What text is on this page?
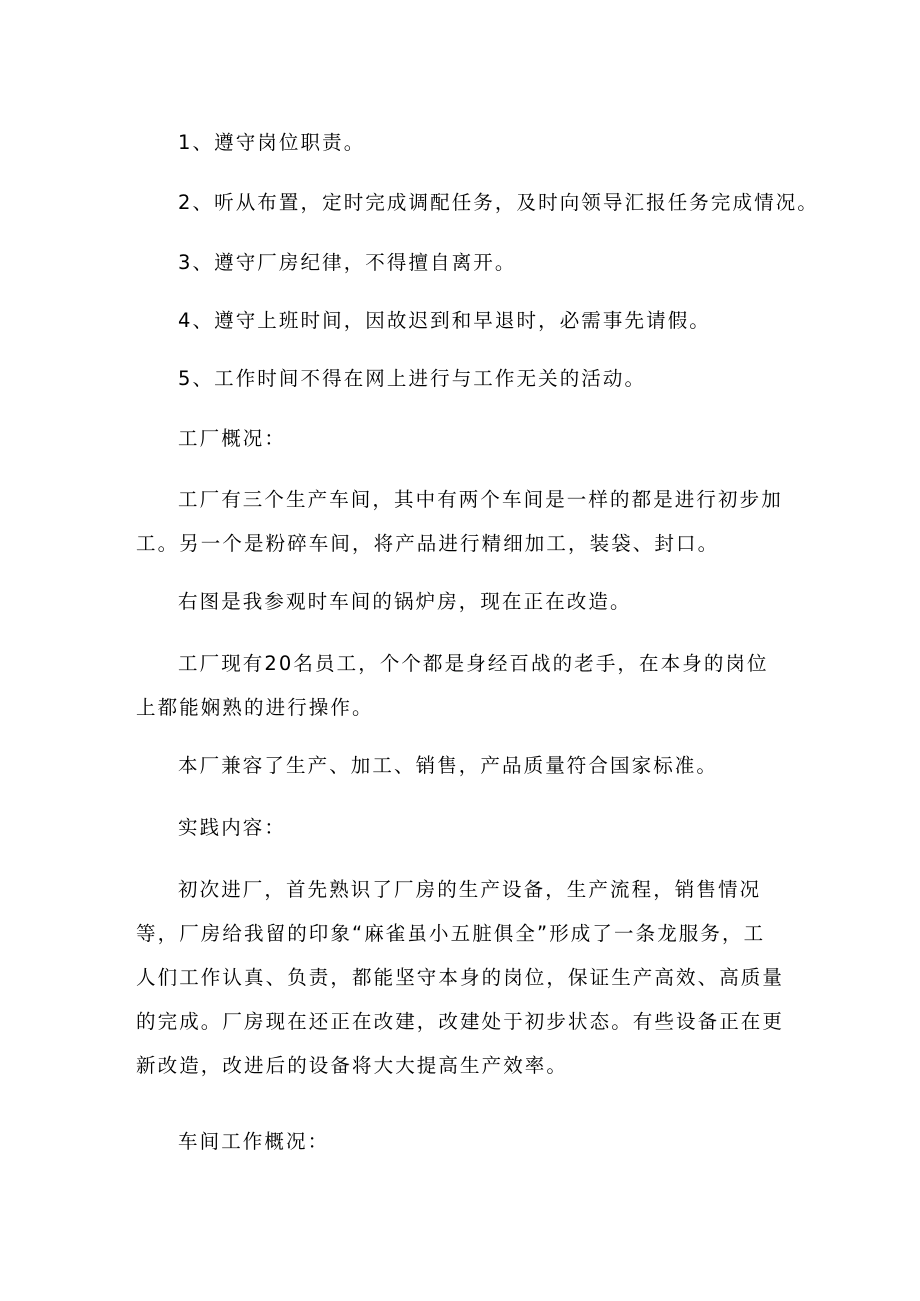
1、遵守岗位职责。

2、听从布置，定时完成调配任务，及时向领导汇报任务完成情况。

3、遵守厂房纪律，不得擅自离开。

4、遵守上班时间，因故迟到和早退时，必需事先请假。

5、工作时间不得在网上进行与工作无关的活动。

工厂概况：

工厂有三个生产车间，其中有两个车间是一样的都是进行初步加工。另一个是粉碎车间，将产品进行精细加工，装袋、封口。

右图是我参观时车间的锅炉房，现在正在改造。

工厂现有20名员工，个个都是身经百战的老手，在本身的岗位上都能娴熟的进行操作。

本厂兼容了生产、加工、销售，产品质量符合国家标准。

实践内容：

初次进厂，首先熟识了厂房的生产设备，生产流程，销售情况等，厂房给我留的印象“麻雀虽小五脏俱全”形成了一条龙服务，工人们工作认真、负责，都能坚守本身的岗位，保证生产高效、高质量的完成。厂房现在还正在改建，改建处于初步状态。有些设备正在更新改造，改进后的设备将大大提高生产效率。

车间工作概况：
